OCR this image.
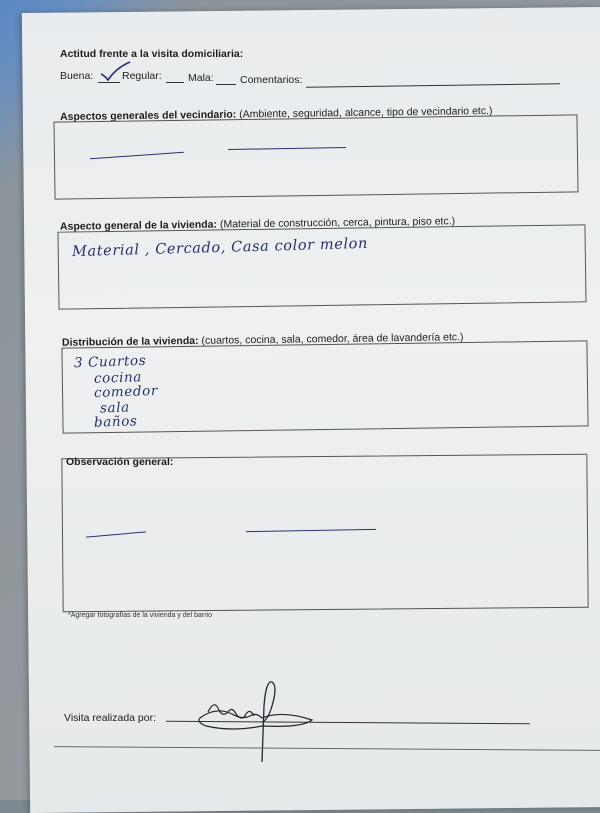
Actitud frente a la visita domiciliaria:
Buena:	Regular:	Mala:	Comentarios:
Aspectos generales del vecindario: (Ambiente, seguridad, alcance, tipo de vecindario etc.)
Aspecto general de la vivienda: (Material de construcción, cerca, pintura, piso etc.)
Material , Cercado, Casa color melon
Distribución de la vivienda: (cuartos, cocina, sala, comedor, área de lavandería etc.)
3 Cuartos
cocina
comedor
sala
baños
Observación general:
*Agregar fotografías de la vivienda y del barrio
Visita realizada por:
